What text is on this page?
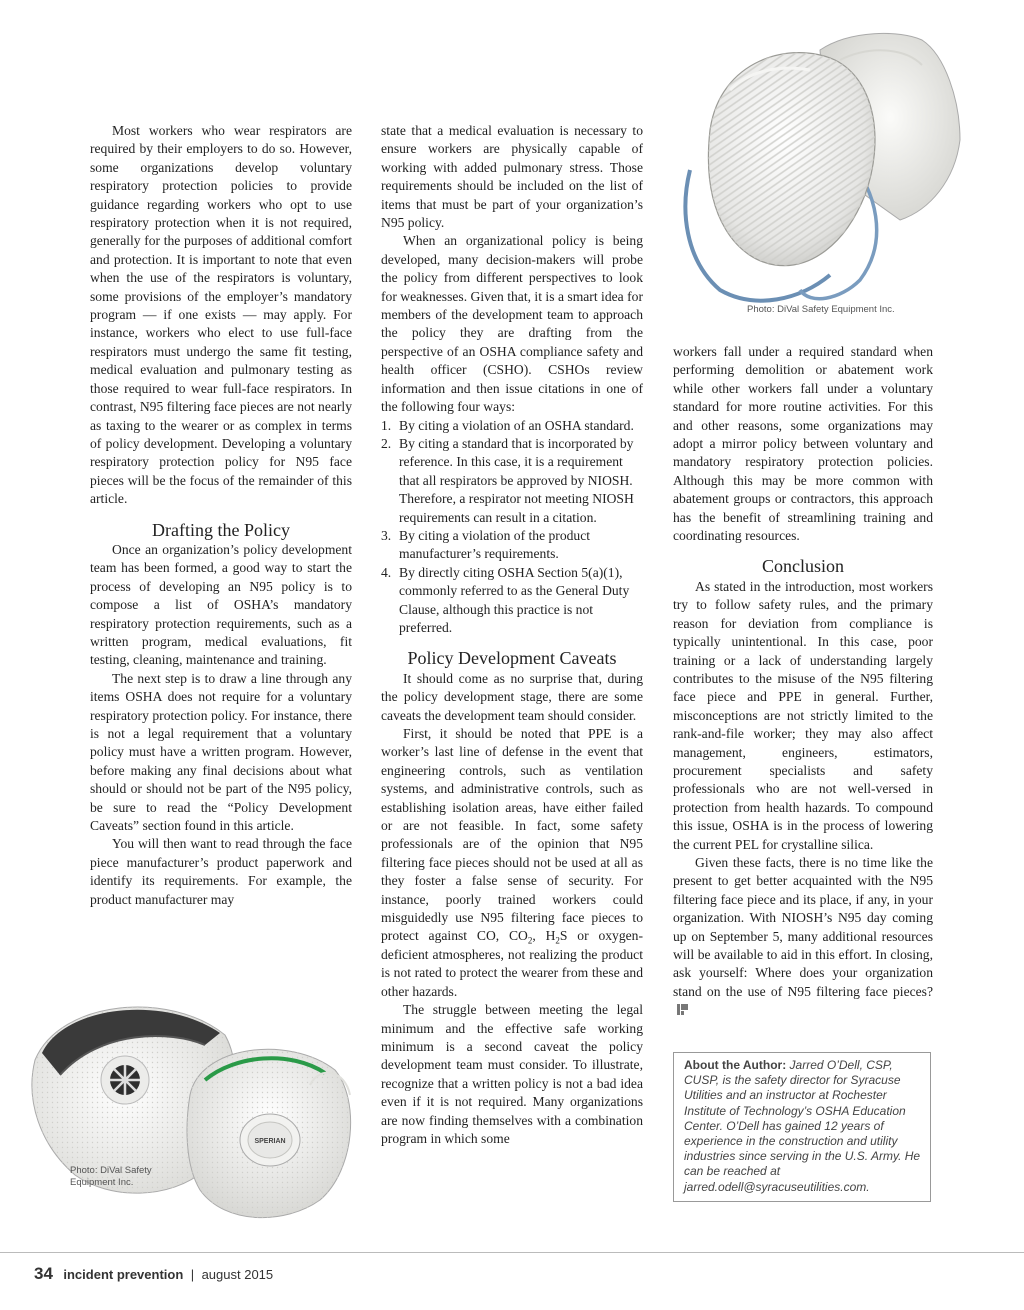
Photo: DiVal Safety Equipment Inc.

Most workers who wear respirators are required by their employers to do so. However, some organizations develop voluntary respiratory protection policies to provide guidance regarding workers who opt to use respiratory protection when it is not required, generally for the purposes of additional comfort and protection. It is important to note that even when the use of the respirators is voluntary, some provisions of the employer’s mandatory program — if one exists — may apply. For instance, workers who elect to use full-face respirators must undergo the same fit testing, medical evaluation and pulmonary testing as those required to wear full-face respirators. In contrast, N95 filtering face pieces are not nearly as taxing to the wearer or as complex in terms of policy development. Developing a voluntary respiratory protection policy for N95 face pieces will be the focus of the remainder of this article.

Drafting the Policy

Once an organization’s policy development team has been formed, a good way to start the process of developing an N95 policy is to compose a list of OSHA’s mandatory respiratory protection requirements, such as a written program, medical evaluations, fit testing, cleaning, maintenance and training.

The next step is to draw a line through any items OSHA does not require for a voluntary respiratory protection policy. For instance, there is not a legal requirement that a voluntary policy must have a written program. However, before making any final decisions about what should or should not be part of the N95 policy, be sure to read the “Policy Development Caveats” section found in this article.

You will then want to read through the face piece manufacturer’s product paperwork and identify its requirements. For example, the product manufacturer may

state that a medical evaluation is necessary to ensure workers are physically capable of working with added pulmonary stress. Those requirements should be included on the list of items that must be part of your organization’s N95 policy.

When an organizational policy is being developed, many decision-makers will probe the policy from different perspectives to look for weaknesses. Given that, it is a smart idea for members of the development team to approach the policy they are drafting from the perspective of an OSHA compliance safety and health officer (CSHO). CSHOs review information and then issue citations in one of the following four ways:

1. By citing a violation of an OSHA standard.
2. By citing a standard that is incorporated by reference. In this case, it is a requirement that all respirators be approved by NIOSH. Therefore, a respirator not meeting NIOSH requirements can result in a citation.
3. By citing a violation of the product manufacturer’s requirements.
4. By directly citing OSHA Section 5(a)(1), commonly referred to as the General Duty Clause, although this practice is not preferred.
Policy Development Caveats

It should come as no surprise that, during the policy development stage, there are some caveats the development team should consider.

First, it should be noted that PPE is a worker’s last line of defense in the event that engineering controls, such as ventilation systems, and administrative controls, such as establishing isolation areas, have either failed or are not feasible. In fact, some safety professionals are of the opinion that N95 filtering face pieces should not be used at all as they foster a false sense of security. For instance, poorly trained workers could misguidedly use N95 filtering face pieces to protect against CO, $CO_2$, $H_2S$ or oxygen-deficient atmospheres, not realizing the product is not rated to protect the wearer from these and other hazards.

The struggle between meeting the legal minimum and the effective safe working minimum is a second caveat the policy development team must consider. To illustrate, recognize that a written policy is not a bad idea even if it is not required. Many organizations are now finding themselves with a combination program in which some

workers fall under a required standard when performing demolition or abatement work while other workers fall under a voluntary standard for more routine activities. For this and other reasons, some organizations may adopt a mirror policy between voluntary and mandatory respiratory protection policies. Although this may be more common with abatement groups or contractors, this approach has the benefit of streamlining training and coordinating resources.

Conclusion

As stated in the introduction, most workers try to follow safety rules, and the primary reason for deviation from compliance is typically unintentional. In this case, poor training or a lack of understanding largely contributes to the misuse of the N95 filtering face piece and PPE in general. Further, misconceptions are not strictly limited to the rank-and-file worker; they may also affect management, engineers, estimators, procurement specialists and safety professionals who are not well-versed in protection from health hazards. To compound this issue, OSHA is in the process of lowering the current PEL for crystalline silica.

Given these facts, there is no time like the present to get better acquainted with the N95 filtering face piece and its place, if any, in your organization. With NIOSH’s N95 day coming up on September 5, many additional resources will be available to aid in this effort. In closing, ask yourself: Where does your organization stand on the use of N95 filtering face pieces?

About the Author: Jarred O’Dell, CSP, CUSP, is the safety director for Syracuse Utilities and an instructor at Rochester Institute of Technology’s OSHA Education Center. O’Dell has gained 12 years of experience in the construction and utility industries since serving in the U.S. Army. He can be reached at jarred.odell@syracuseutilities.com.
SPERIAN
Photo: DiVal Safety
Equipment Inc.
34 incident prevention | august 2015
